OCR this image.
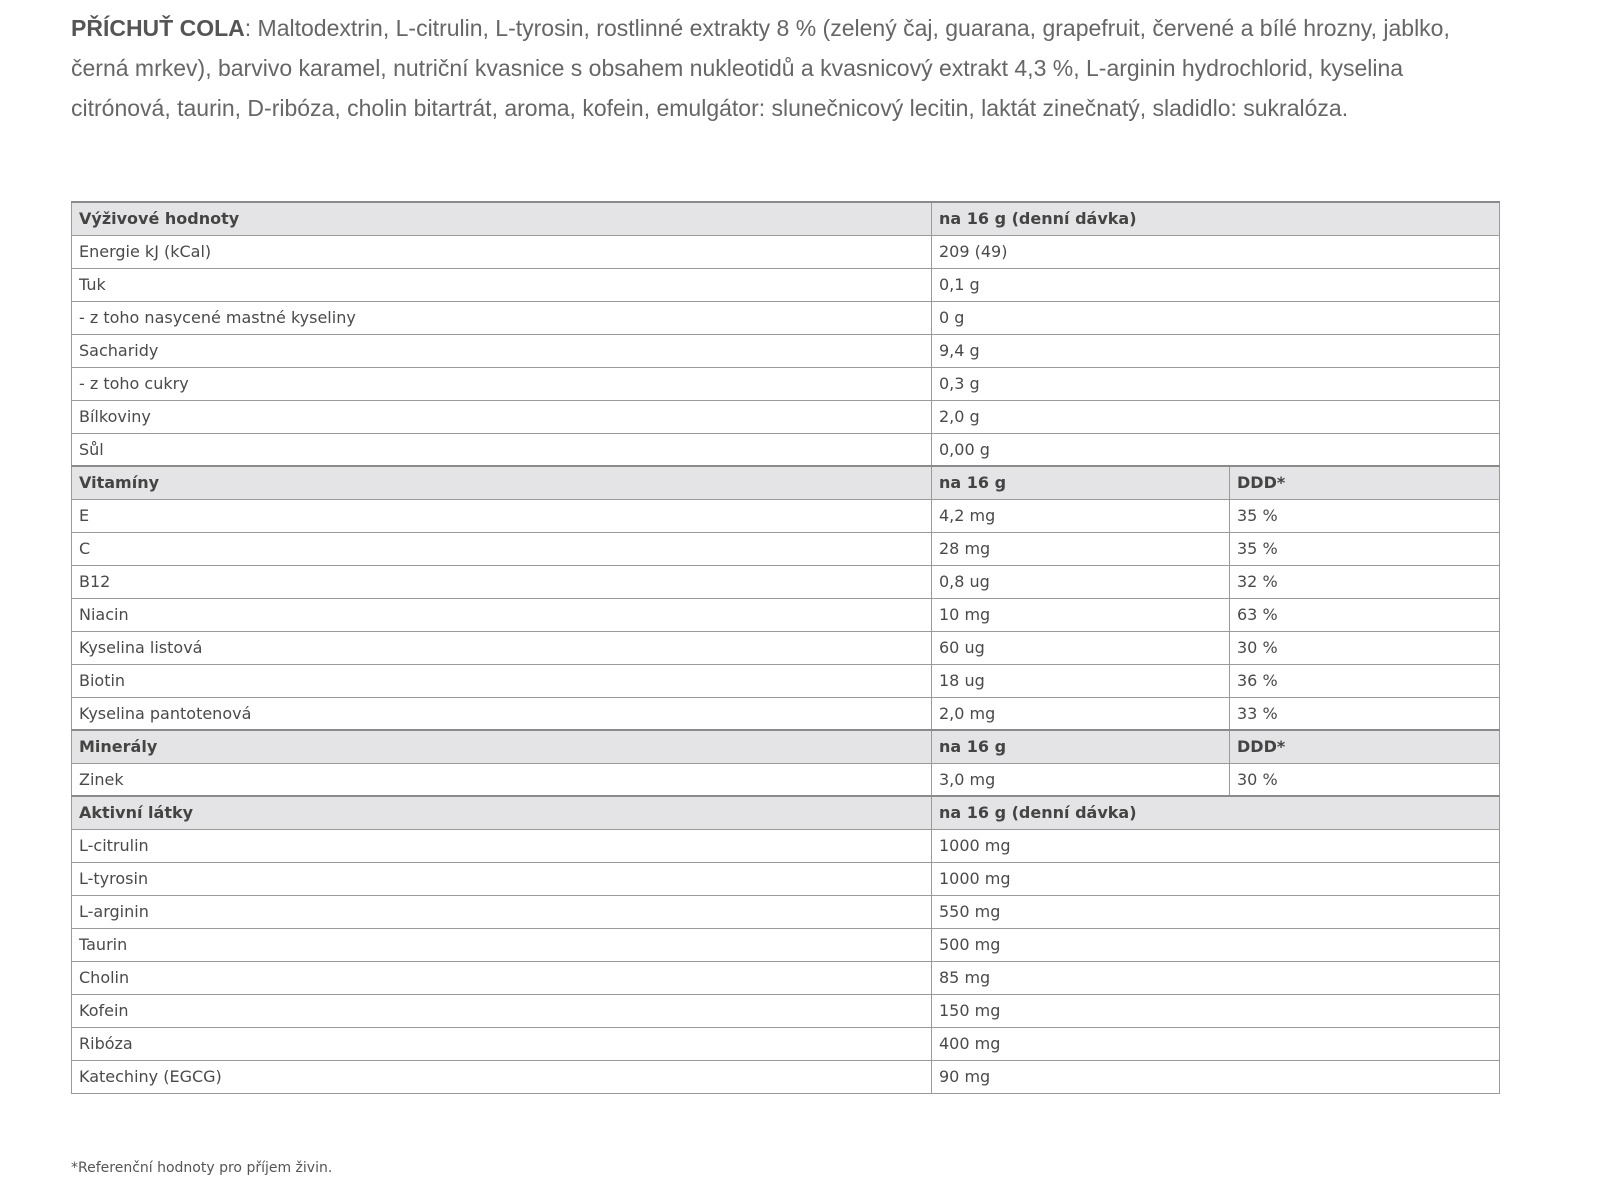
PŘÍCHUŤ COLA: Maltodextrin, L-citrulin, L-tyrosin, rostlinné extrakty 8 % (zelený čaj, guarana, grapefruit, červené a bílé hrozny, jablko, černá mrkev), barvivo karamel, nutriční kvasnice s obsahem nukleotidů a kvasnicový extrakt 4,3 %, L-arginin hydrochlorid, kyselina citrónová, taurin, D-ribóza, cholin bitartrát, aroma, kofein, emulgátor: slunečnicový lecitin, laktát zinečnatý, sladidlo: sukralóza.

Výživové hodnoty	na 16 g (denní dávka)	
Energie kJ (kCal)	209 (49)	
Tuk	0,1 g	
- z toho nasycené mastné kyseliny	0 g	
Sacharidy	9,4 g	
- z toho cukry	0,3 g	
Bílkoviny	2,0 g	
Sůl	0,00 g	
Vitamíny	na 16 g	DDD*
E	4,2 mg	35 %
C	28 mg	35 %
B12	0,8 ug	32 %
Niacin	10 mg	63 %
Kyselina listová	60 ug	30 %
Biotin	18 ug	36 %
Kyselina pantotenová	2,0 mg	33 %
Minerály	na 16 g	DDD*
Zinek	3,0 mg	30 %
Aktivní látky	na 16 g (denní dávka)	
L-citrulin	1000 mg	
L-tyrosin	1000 mg	
L-arginin	550 mg	
Taurin	500 mg	
Cholin	85 mg	
Kofein	150 mg	
Ribóza	400 mg	
Katechiny (EGCG)	90 mg	

*Referenční hodnoty pro příjem živin.
